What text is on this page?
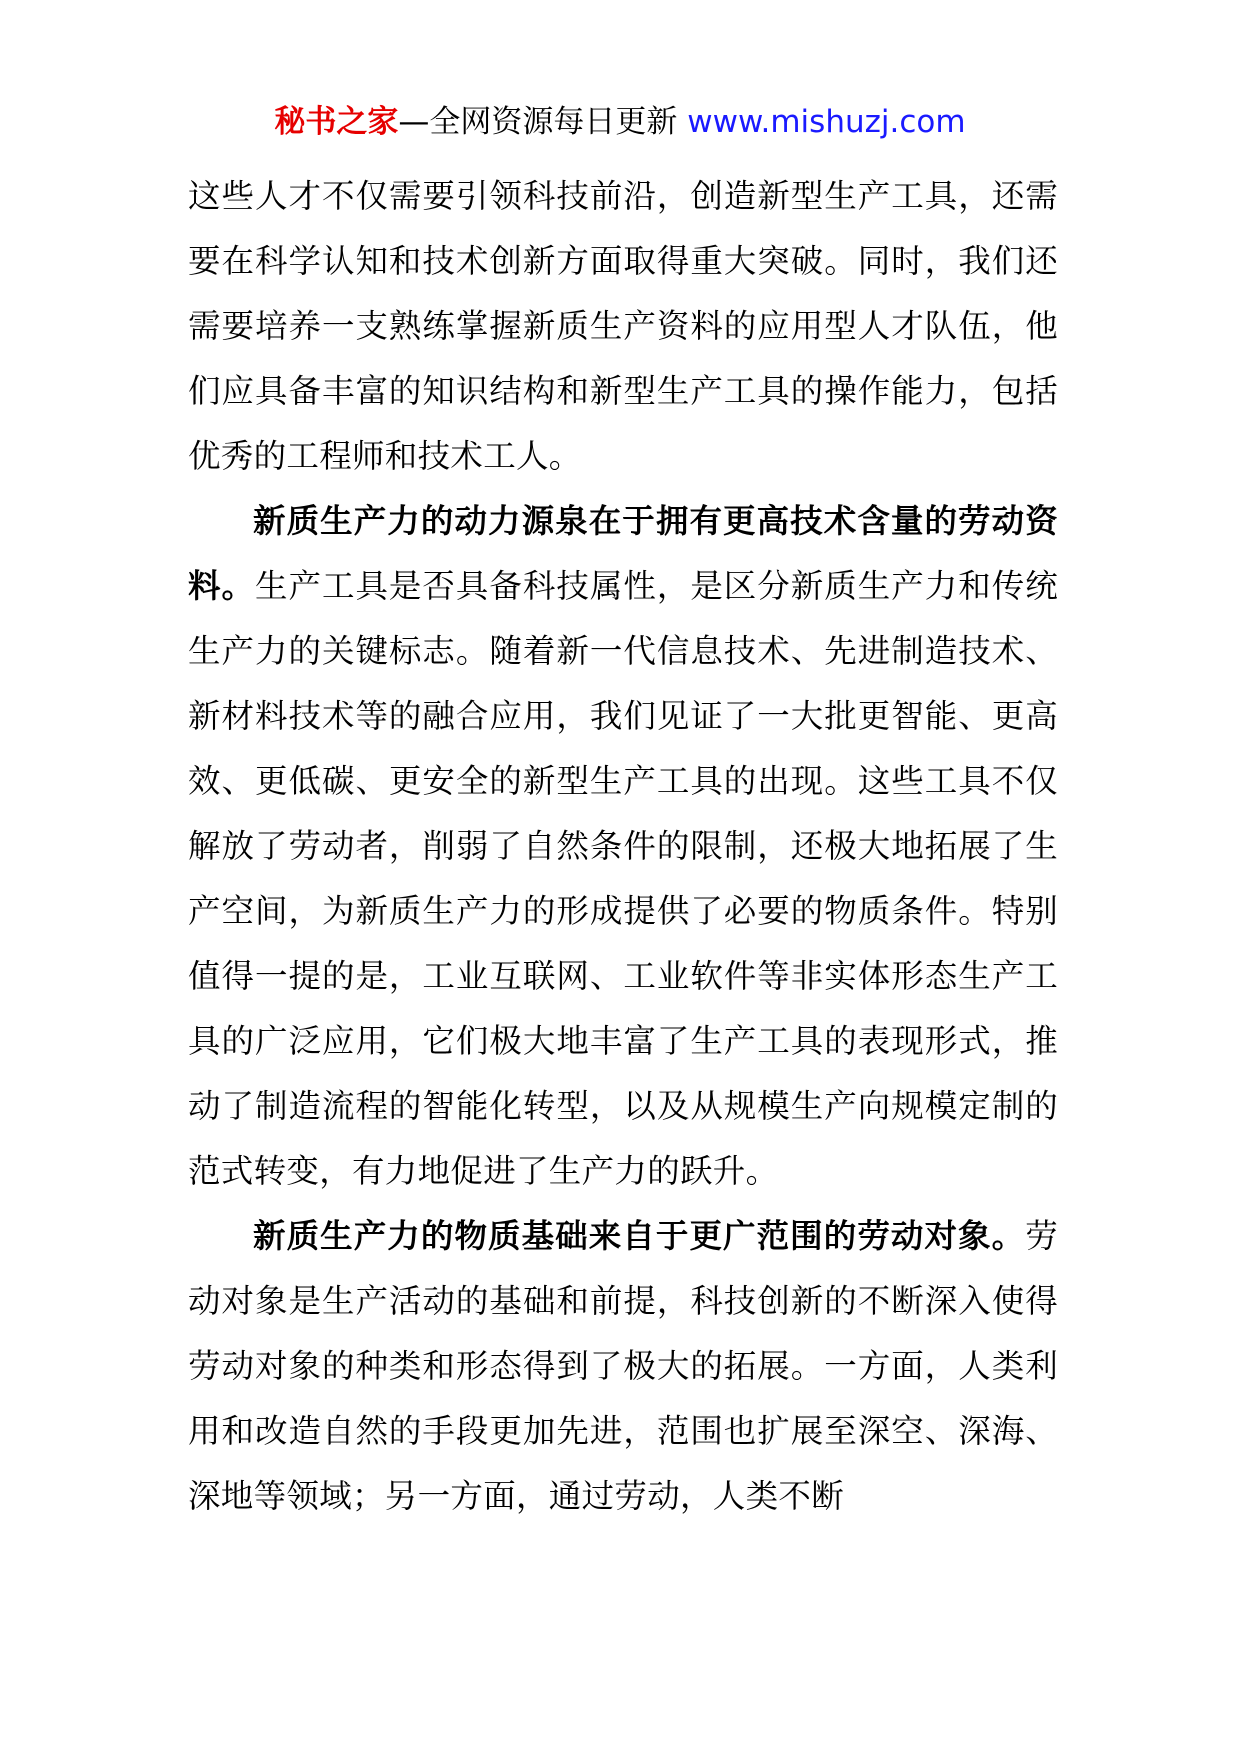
秘书之家—全网资源每日更新 www.mishuzj.com

这些人才不仅需要引领科技前沿，创造新型生产工具，还需要在科学认知和技术创新方面取得重大突破。同时，我们还需要培养一支熟练掌握新质生产资料的应用型人才队伍，他们应具备丰富的知识结构和新型生产工具的操作能力，包括优秀的工程师和技术工人。

新质生产力的动力源泉在于拥有更高技术含量的劳动资料。生产工具是否具备科技属性，是区分新质生产力和传统生产力的关键标志。随着新一代信息技术、先进制造技术、新材料技术等的融合应用，我们见证了一大批更智能、更高效、更低碳、更安全的新型生产工具的出现。这些工具不仅解放了劳动者，削弱了自然条件的限制，还极大地拓展了生产空间，为新质生产力的形成提供了必要的物质条件。特别值得一提的是，工业互联网、工业软件等非实体形态生产工具的广泛应用，它们极大地丰富了生产工具的表现形式，推动了制造流程的智能化转型，以及从规模生产向规模定制的范式转变，有力地促进了生产力的跃升。

新质生产力的物质基础来自于更广范围的劳动对象。劳动对象是生产活动的基础和前提，科技创新的不断深入使得劳动对象的种类和形态得到了极大的拓展。一方面，人类利用和改造自然的手段更加先进，范围也扩展至深空、深海、深地等领域；另一方面，通过劳动，人类不断
